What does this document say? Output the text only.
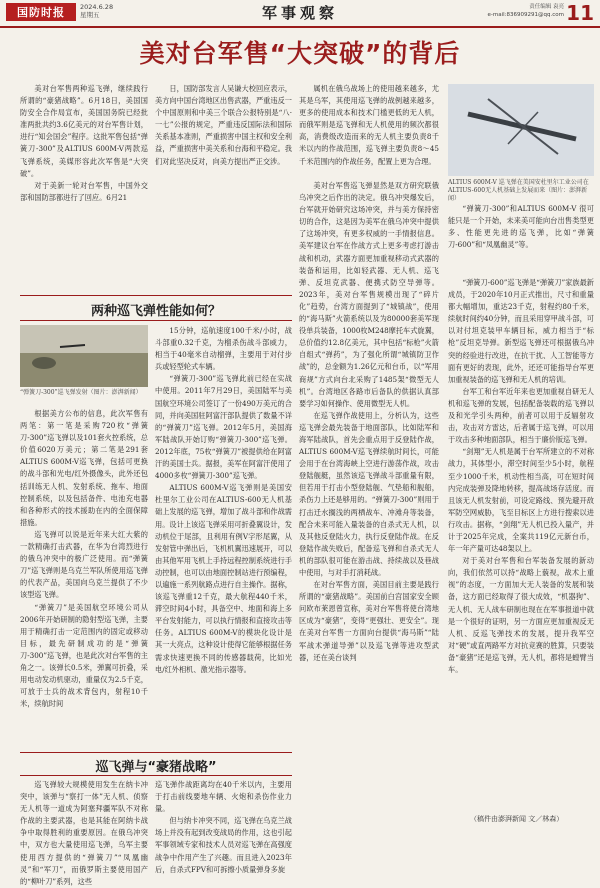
国防时报	2024.6.28
星期五	军事观察	责任编辑 袁亮
e-mail:836909291@qq.com 11
美对台军售“大突破”的背后

美对台军售两种巡飞弹，继续践行所谓的“豪猪战略”。6月18日，美国国防安全合作局宣布，美国国务院已经批准两批共约3.6亿美元的对台军售计划，进行“知会国会”程序。这批军售包括“弹簧刀-300”及ALTIUS 600M-V两款巡飞弹系统，美媒形容此次军售是“大突破”。

对于美新一轮对台军售，中国外交部和国防部都进行了回应。6月21

日，国防部发言人吴谦大校回应表示，美方向中国台湾地区出售武器，严重违反一个中国原则和中美三个联合公报特别是“八·一七”公报的规定，严重违反国际法和国际关系基本准则，严重损害中国主权和安全利益，严重损害中美关系和台海和平稳定。我们对此坚决反对，向美方提出严正交涉。

属机在俄乌战场上的使用越来越多，尤其是乌军，其使用巡飞弹的战例越来越多，更多的使用成本和技术门槛更低的无人机，而俄军则是巡飞弹和无人机使用的频次都很高，消费级改造而来的无人机主要负责8千米以内的作战范围，巡飞弹主要负责8～45千米范围内的作战任务，配置上更为合理。

ALTIUS 600M-V 巡飞弹在美国安杜里尔工业公司在ALTIUS-600无人机基础上发展而来（图片：澎湃新闻）

“弹簧刀-300”和ALTIUS 600M-V 很可能只是一个开始，未来美可能向台出售类型更多、性能更先进的巡飞弹，比如“弹簧刀-600”和“凤凰幽灵”等。

两种巡飞弹性能如何？
“弹簧刀-300”巡飞弹发射（图片：澎湃新闻）

根据美方公布的信息，此次军售有两笔：第一笔是采购720枚“弹簧刀-300”巡飞弹以及101套火控系统，总价值6020万美元；第二笔是291套ALTIUS 600M-V巡飞弹，包括可更换的战斗部和光电/红外摄像头，此外还包括训练无人机、发射系统、拖车、地面控制系统，以及包括备件、电池充电器和各种形式的技术援助在内的全面保障措施。

巡飞弹可以说是近年来大红大紫的一款精确打击武器，在华为台湾烈进行的俄乌冲突中的极广泛使用。而“弹簧刀”巡飞弹则是乌克兰军队所使用巡飞弹的代表产品，美国向乌克兰提供了不少该型巡飞弹。

“弹簧刀”是美国航空环境公司从2006年开始研制的隐射型巡飞弹，主要用于精确打击一定范围内的固定或移动目标，最先研制成功的是“弹簧刀-300”巡飞弹，也是此次对台军售的主角之一。该弹长0.5米，弹翼可折叠，采用电动发动机驱动，重量仅为2.5千克，可放于士兵的战术背包内，射程10千米，续航时间

15分钟，巡航速度100千米/小时，战斗部重0.32千克，为榴杀伤战斗部威力，相当于40毫米自动榴弹，主要用于对付步兵或轻型轮式车辆。

“弹簧刀-300”巡飞弹此前已经在实战中使用。2011年7月29日，美国陆军与美国航空环境公司签订了一份490万美元的合同，并向美国驻阿富汗部队提供了数量不详的“弹簧刀”巡飞弹。2012年5月，美国海军陆战队开始订购“弹簧刀-300”巡飞弹。2012年底，75枚“弹簧刀”被提供给在阿富汗的美国士兵。据报，美军在阿富汗使用了4000多枚“弹簧刀-300”巡飞弹。

ALTIUS 600M-V巡飞弹则是美国安杜里尔工业公司在ALTIUS-600无人机基础上发展的巡飞弹，增加了战斗部和作战需用。设计上该巡飞弹采用可折叠翼设计，发动机位于尾部，且利用有例V字形尾翼，从发射管中弹出后，飞机机翼迅速展开，可以由其他军用飞机上手持远程控制系统进行手动控制，也可以由地面控制站进行预编程，以遍施一系列航路点进行自主操作。据称，该巡飞弹重12千克，最大航程440千米，滞空时间4小时，具备空中、地面和海上多平台发射能力，可以执行情报和直接攻击等任务。ALTIUS 600M-V的模块化设计是其一大亮点，这种设计使得它能够根据任务需求快速更换不同的传感器载荷，比如光电/红外相机、激光指示器等。

巡飞弹与“豪猪战略”

巡飞弹较大规模使用发生在纳卡冲突中，该弹与“察打一体”无人机、侦察无人机等一道成为阿塞拜疆军队不对称作战的主要武器，也是其能在阿纳卡战争中取得胜利的重要原因。在俄乌冲突中，双方也大量使用巡飞弹，乌军主要使用西方提供的“弹簧刀”“凤凰幽灵”和“军刀”，而俄罗斯主要使用国产的“柳叶刀”系列，这些

巡飞弹作战距离均在40千米以内，主要用于打击前线要地车辆、火炮和杀伤作业力量。

但与纳卡冲突不同，巡飞弹在乌克兰战场上并没有起到改变战局的作用，这也引起军事领域专家和技术人员对巡飞弹在高强度战争中作用产生了兴趣。而且进入2023年后，自杀式FPV和可拆擦小质量弹身多旋

美对台军售巡飞弹显然是双方研究联俄乌冲突之后作出的决定。俄乌冲突爆发后，台军就开始研究这场冲突，并与美方保持密切的合作，这是因为美军在俄乌冲突中提供了这场冲突，有更多权威的一手情报信息。美军建议台军在作战方式上更多考虑打游击战和机动，武器方面更加重视移动式武器的装备和运用，比如轻武器、无人机、巡飞弹、反坦克武器、便携式防空导弹等。2023年，美对台军售规模出现了“碎片化”趋势，台湾方面提到了“城镇战”，使用的“海马斯”火箭系统以及为80000套美军现役单兵装备，1000枚M248摩托车式旋翼，总价值约12.8亿美元，其中包括“标枪”火箭自组式“弹药”，为了强化所谓“城镇防卫作战”的，总金额为1.26亿元和台币，以“军用商规”方式向台北采购了1485架“微型无人机”。台湾地区各路市后备队的供据认真部要学习如何操作、使用微型无人机。

在巡飞弹作战使用上，分析认为，这些巡飞弹会最先装备于地面部队，比如陆军和海军陆战队，首先会重点用于反登陆作战，ALTIUS 600M-V巡飞弹续航时间长，可能会用于在台湾海峡上空进行游荡作战，攻击登陆舰艇，虽然该巡飞弹战斗部重量有限，但若用于打击小型登陆舰、气垫船和舰船，杀伤力上还是够用的。“弹簧刀-300”则用于打击迁水搁浅的两栖战车、冲滩舟等装备，配合未来可能入量装备的自杀式无人机，以及其他反登陆火力，执行反登陆作战。在反登陆作战失败后，配备巡飞弹和自杀式无人机的部队很可能在游击战、持续战以及巷战中使用，与对手打消耗战。

在对台军售方面，美国目前主要是践行所谓的“豪猪战略”。美国前白宫国家安全顾问欧布莱恩曾宣称，美对台军售将使台湾地区成为“豪猪”，变得“更强壮、更安全”。现在美对台军售一方面向台提供“海马斯”“陆军战术弹道导弹”以及巡飞弹等进攻型武器，还在美台谈判

“弹簧刀-600”巡飞弹是“弹簧刀”家族最新成员，于2020年10月正式推出，尺寸和重量都大幅增加，重达23千克，射程约80千米，续航时间约40分钟，而且采用穿甲战斗部，可以对付坦克装甲车辆目标，威力相当于“标枪”反坦克导弹。新型巡飞弹还可根据俄乌冲突的经验进行改进，在抗干扰、人工智能等方面有更好的表现，此外，还还可能指导台军更加重视装备的巡飞弹和无人机的培训。

台军工和台军近年来也更加重视自研无人机和巡飞弹的发展，包括配备装载的巡飞弹以及和光学引头两种，前者可以用于反辐射攻击，攻击对方雷达，后者属于巡飞弹，可以用于攻击多种地面部队，相当于廉价版巡飞弹。

“剑翔”无人机是属于台军所建立的不对称战力，其体型小，滞空时间至少5小时，航程至少1000千米，机动性相当高，可在短时间内完成装弹及降地转移，提高战场存活度。而且该无人机发射前，可设定路线、预先避开敌军防空网威胁，飞至目标区上方进行搜索以进行攻击。据称，“剑翔”无人机已投入量产，并计于2025年完成，全案共119亿元新台币，年一年产量可达48架以上。

对于美对台军售和台军装备发展的新动向，我们依然可以持“战略上藐视，战术上重视”的态度，一方面加大无人装备的发展和装备，这方面已经取得了很大成效，“机器狗”、无人机、无人战车研制也现在在军事报道中就是一个很好的证明，另一方面应更加重视反无人机、反巡飞弹技术的发展，提升我军空对“硬”或直两路军方对抗竞赛的胜算，只要装备“豪猪”还是巡飞弹，无人机，都将是螳臂当车。

（稿件由澎湃新闻 文／林森）
